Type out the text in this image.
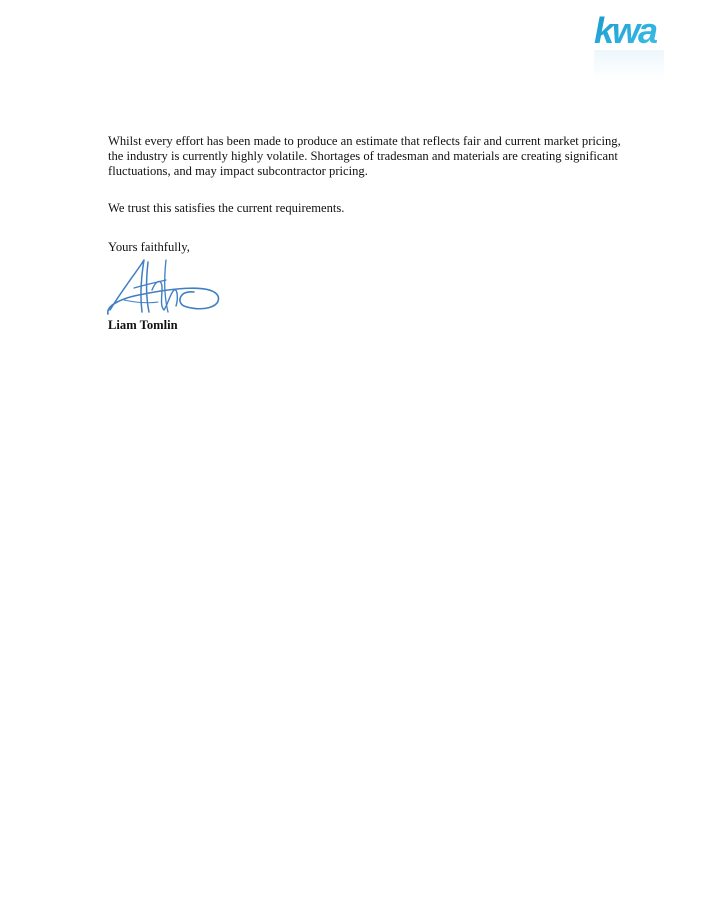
kwa

Whilst every effort has been made to produce an estimate that reflects fair and current market pricing,
the industry is currently highly volatile. Shortages of tradesman and materials are creating significant
fluctuations, and may impact subcontractor pricing.

We trust this satisfies the current requirements.

Yours faithfully,

Liam Tomlin
